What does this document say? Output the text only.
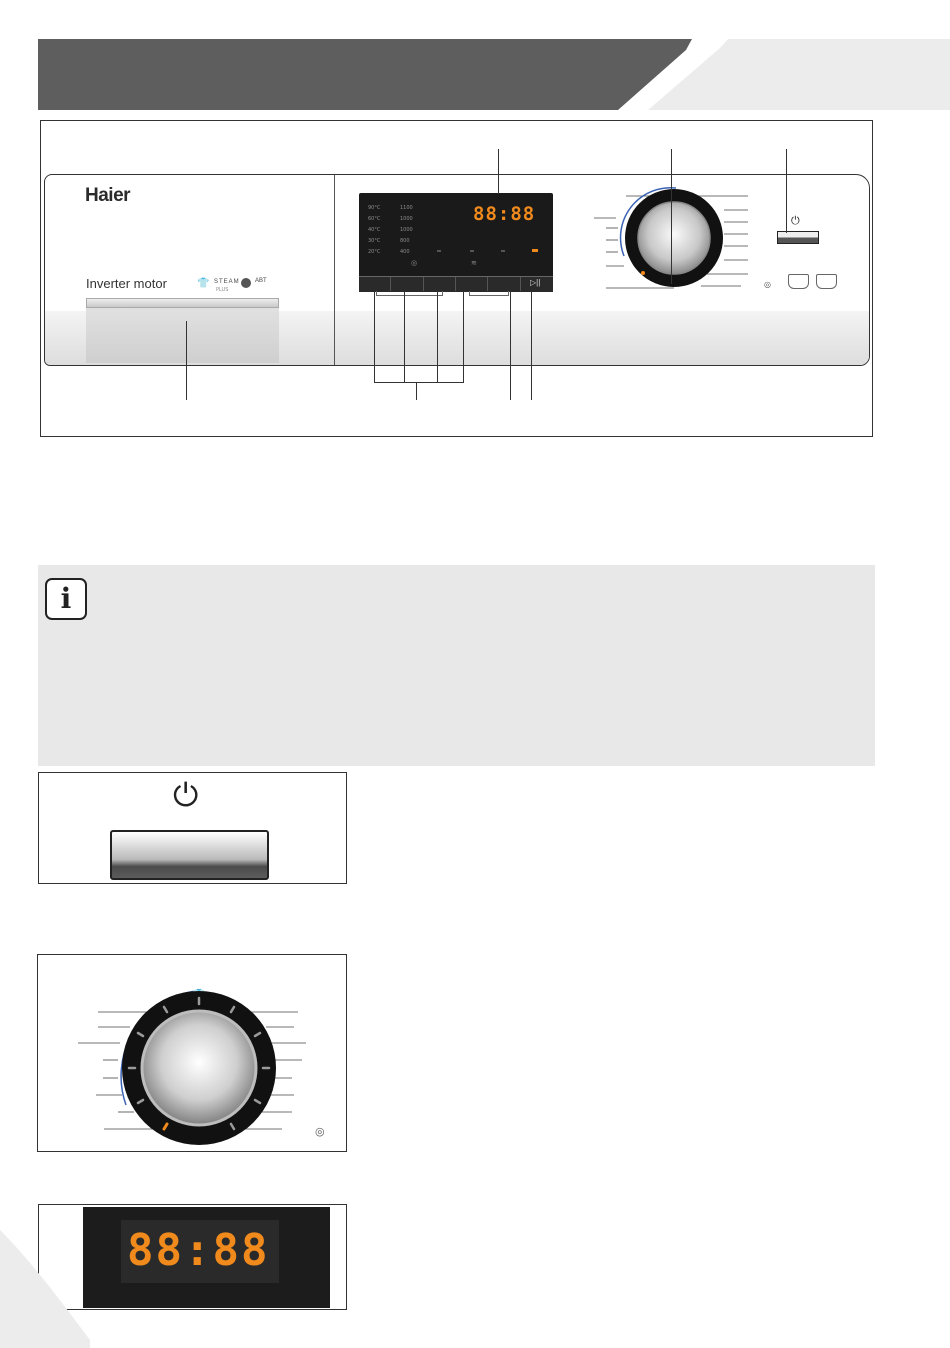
Haier
Inverter motor	👕 STEAM
PLUS
ABT
90°C
60°C
40°C
30°C
20°C
1100
1000
1000
800
400
88:88
◎	≋
▷||
⏻
◎
i
⏻
◎
88:88
